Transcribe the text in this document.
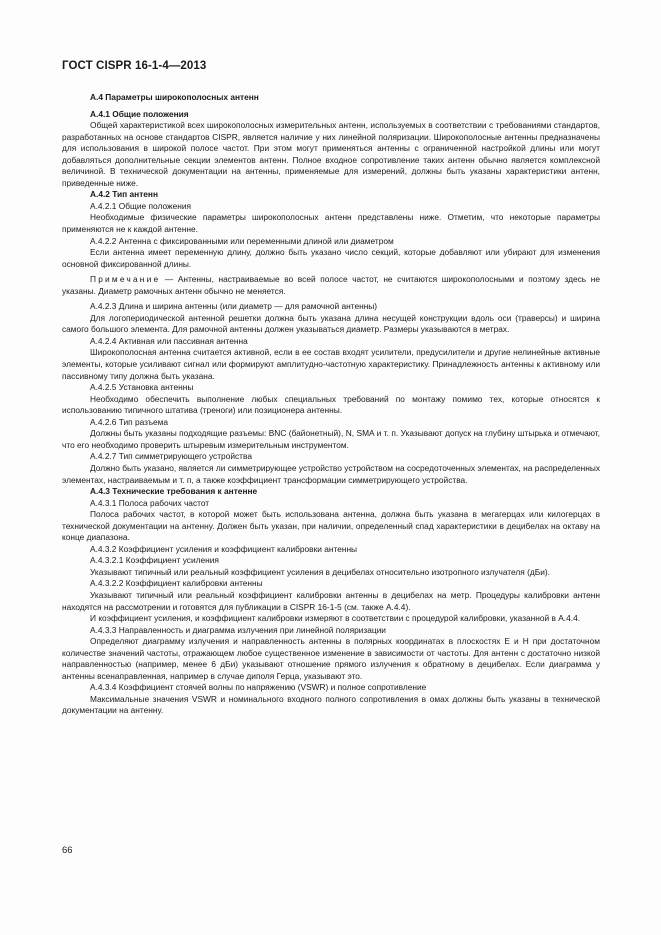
ГОСТ CISPR 16-1-4—2013

А.4 Параметры широкополосных антенн

А.4.1 Общие положения

Общей характеристикой всех широкополосных измерительных антенн, используемых в соответствии с требованиями стандартов, разработанных на основе стандартов CISPR, является наличие у них линейной поляризации. Широкополосные антенны предназначены для использования в широкой полосе частот. При этом могут применяться антенны с ограниченной настройкой длины или могут добавляться дополнительные секции элементов антенн. Полное входное сопротивление таких антенн обычно является комплексной величиной. В технической документации на антенны, применяемые для измерений, должны быть указаны характеристики антенн, приведенные ниже.

А.4.2 Тип антенн

А.4.2.1 Общие положения

Необходимые физические параметры широкополосных антенн представлены ниже. Отметим, что некоторые параметры применяются не к каждой антенне.

А.4.2.2 Антенна с фиксированными или переменными длиной или диаметром

Если антенна имеет переменную длину, должно быть указано число секций, которые добавляют или убирают для изменения основной фиксированной длины.

Примечание — Антенны, настраиваемые во всей полосе частот, не считаются широкополосными и поэтому здесь не указаны. Диаметр рамочных антенн обычно не меняется.

А.4.2.3 Длина и ширина антенны (или диаметр — для рамочной антенны)

Для логопериодической антенной решетки должна быть указана длина несущей конструкции вдоль оси (траверсы) и ширина самого большого элемента. Для рамочной антенны должен указываться диаметр. Размеры указываются в метрах.

А.4.2.4 Активная или пассивная антенна

Широкополосная антенна считается активной, если в ее состав входят усилители, предусилители и другие нелинейные активные элементы, которые усиливают сигнал или формируют амплитудно-частотную характеристику. Принадлежность антенны к активному или пассивному типу должна быть указана.

А.4.2.5 Установка антенны

Необходимо обеспечить выполнение любых специальных требований по монтажу помимо тех, которые относятся к использованию типичного штатива (треноги) или позиционера антенны.

А.4.2.6 Тип разъема

Должны быть указаны подходящие разъемы: BNC (байонетный), N, SMA и т. п. Указывают допуск на глубину штырька и отмечают, что его необходимо проверить штыревым измерительным инструментом.

А.4.2.7 Тип симметрирующего устройства

Должно быть указано, является ли симметрирующее устройство устройством на сосредоточенных элементах, на распределенных элементах, настраиваемым и т. п, а также коэффициент трансформации симметрирующего устройства.

А.4.3 Технические требования к антенне

А.4.3.1 Полоса рабочих частот

Полоса рабочих частот, в которой может быть использована антенна, должна быть указана в мегагерцах или килогерцах в технической документации на антенну. Должен быть указан, при наличии, определенный спад характеристики в децибелах на октаву на конце диапазона.

А.4.3.2 Коэффициент усиления и коэффициент калибровки антенны

А.4.3.2.1 Коэффициент усиления

Указывают типичный или реальный коэффициент усиления в децибелах относительно изотропного излучателя (дБи).

А.4.3.2.2 Коэффициент калибровки антенны

Указывают типичный или реальный коэффициент калибровки антенны в децибелах на метр. Процедуры калибровки антенн находятся на рассмотрении и готовятся для публикации в CISPR 16-1-5 (см. также А.4.4).

И коэффициент усиления, и коэффициент калибровки измеряют в соответствии с процедурой калибровки, указанной в А.4.4.

А.4.3.3 Направленность и диаграмма излучения при линейной поляризации

Определяют диаграмму излучения и направленность антенны в полярных координатах в плоскостях Е и Н при достаточном количестве значений частоты, отражающем любое существенное изменение в зависимости от частоты. Для антенн с достаточно низкой направленностью (например, менее 6 дБи) указывают отношение прямого излучения к обратному в децибелах. Если диаграмма у антенны всенаправленная, например в случае диполя Герца, указывают это.

А.4.3.4 Коэффициент стоячей волны по напряжению (VSWR) и полное сопротивление

Максимальные значения VSWR и номинального входного полного сопротивления в омах должны быть указаны в технической документации на антенну.

66
